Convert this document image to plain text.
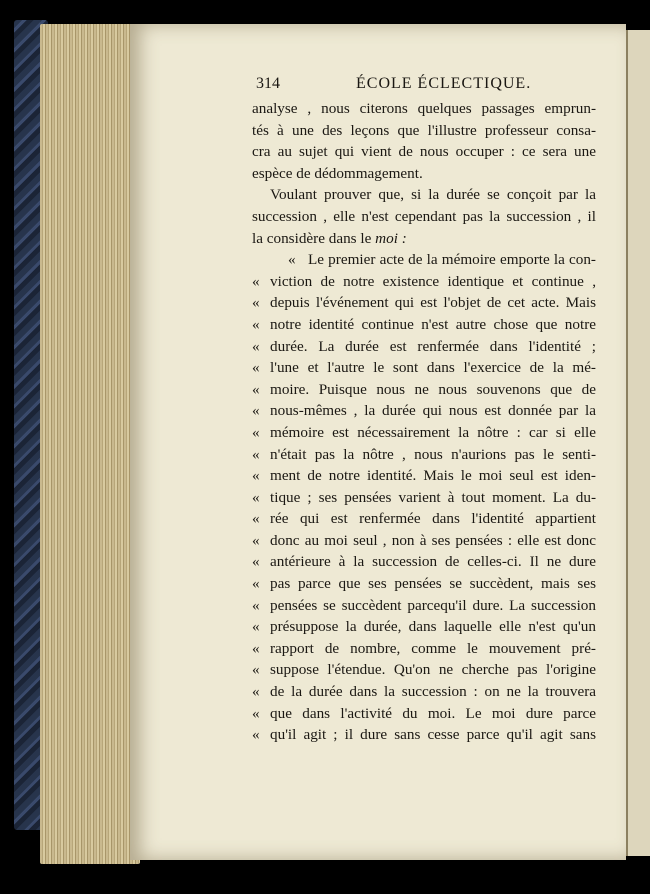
314	ÉCOLE ÉCLECTIQUE.
analyse , nous citerons quelques passages emprun-
tés à une des leçons que l'illustre professeur consa-
cra au sujet qui vient de nous occuper : ce sera une
espèce de dédommagement.
Voulant prouver que, si la durée se conçoit par la
succession , elle n'est cependant pas la succession , il
la considère dans le moi :
« Le premier acte de la mémoire emporte la con-
« viction de notre existence identique et continue ,
« depuis l'événement qui est l'objet de cet acte. Mais
« notre identité continue n'est autre chose que notre
« durée. La durée est renfermée dans l'identité ;
« l'une et l'autre le sont dans l'exercice de la mé-
« moire. Puisque nous ne nous souvenons que de
« nous-mêmes , la durée qui nous est donnée par la
« mémoire est nécessairement la nôtre : car si elle
« n'était pas la nôtre , nous n'aurions pas le senti-
« ment de notre identité. Mais le moi seul est iden-
« tique ; ses pensées varient à tout moment. La du-
« rée qui est renfermée dans l'identité appartient
« donc au moi seul , non à ses pensées : elle est donc
« antérieure à la succession de celles-ci. Il ne dure
« pas parce que ses pensées se succèdent, mais ses
« pensées se succèdent parcequ'il dure. La succession
« présuppose la durée, dans laquelle elle n'est qu'un
« rapport de nombre, comme le mouvement pré-
« suppose l'étendue. Qu'on ne cherche pas l'origine
« de la durée dans la succession : on ne la trouvera
« que dans l'activité du moi. Le moi dure parce
« qu'il agit ; il dure sans cesse parce qu'il agit sans
